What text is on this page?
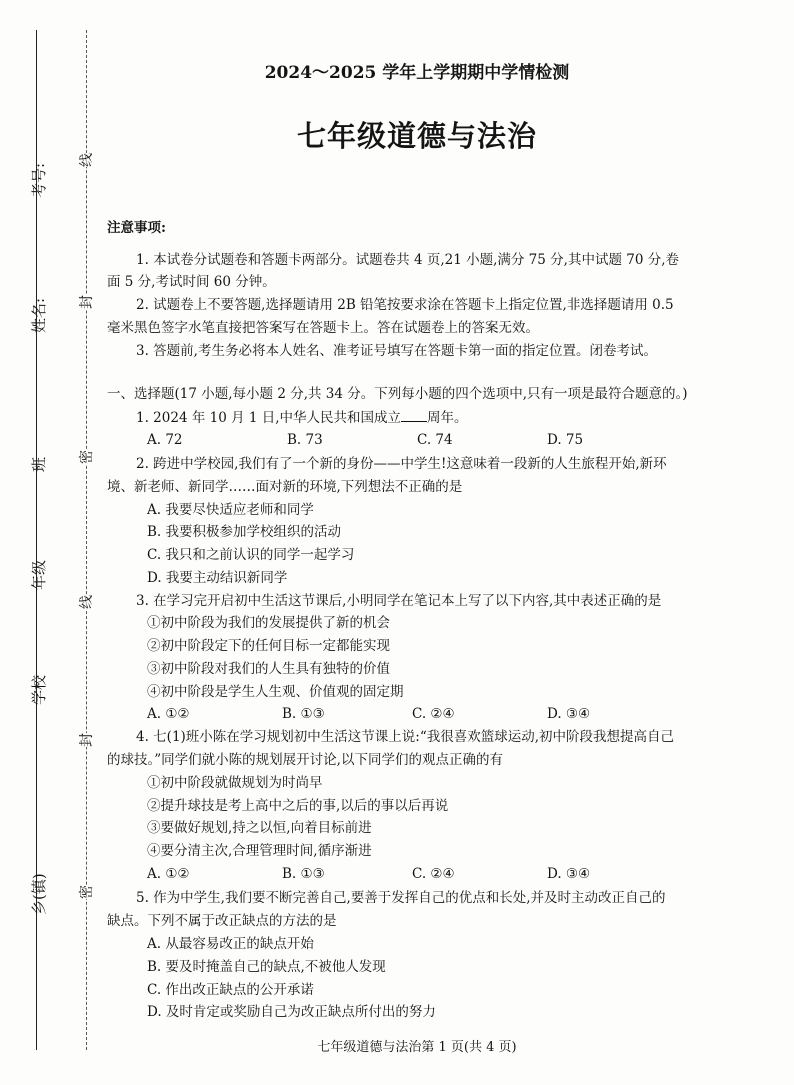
考号:
姓名:
班
年级
学校
乡(镇)
线
封
密
线
封
密
2024～2025 学年上学期期中学情检测
七年级道德与法治
注意事项:
1. 本试卷分试题卷和答题卡两部分。试题卷共 4 页,21 小题,满分 75 分,其中试题 70 分,卷
面 5 分,考试时间 60 分钟。
2. 试题卷上不要答题,选择题请用 2B 铅笔按要求涂在答题卡上指定位置,非选择题请用 0.5
毫米黑色签字水笔直接把答案写在答题卡上。答在试题卷上的答案无效。
3. 答题前,考生务必将本人姓名、准考证号填写在答题卡第一面的指定位置。闭卷考试。
一、选择题(17 小题,每小题 2 分,共 34 分。下列每小题的四个选项中,只有一项是最符合题意的。)
1. 2024 年 10 月 1 日,中华人民共和国成立 周年。
A. 72	B. 73	C. 74	D. 75
2. 跨进中学校园,我们有了一个新的身份——中学生!这意味着一段新的人生旅程开始,新环
境、新老师、新同学……面对新的环境,下列想法不正确的是
A. 我要尽快适应老师和同学
B. 我要积极参加学校组织的活动
C. 我只和之前认识的同学一起学习
D. 我要主动结识新同学
3. 在学习完开启初中生活这节课后,小明同学在笔记本上写了以下内容,其中表述正确的是
①初中阶段为我们的发展提供了新的机会
②初中阶段定下的任何目标一定都能实现
③初中阶段对我们的人生具有独特的价值
④初中阶段是学生人生观、价值观的固定期
A. ①②	B. ①③	C. ②④	D. ③④
4. 七(1)班小陈在学习规划初中生活这节课上说:“我很喜欢篮球运动,初中阶段我想提高自己
的球技。”同学们就小陈的规划展开讨论,以下同学们的观点正确的有
①初中阶段就做规划为时尚早
②提升球技是考上高中之后的事,以后的事以后再说
③要做好规划,持之以恒,向着目标前进
④要分清主次,合理管理时间,循序渐进
A. ①②	B. ①③	C. ②④	D. ③④
5. 作为中学生,我们要不断完善自己,要善于发挥自己的优点和长处,并及时主动改正自己的
缺点。下列不属于改正缺点的方法的是
A. 从最容易改正的缺点开始
B. 要及时掩盖自己的缺点,不被他人发现
C. 作出改正缺点的公开承诺
D. 及时肯定或奖励自己为改正缺点所付出的努力
七年级道德与法治第 1 页(共 4 页)
